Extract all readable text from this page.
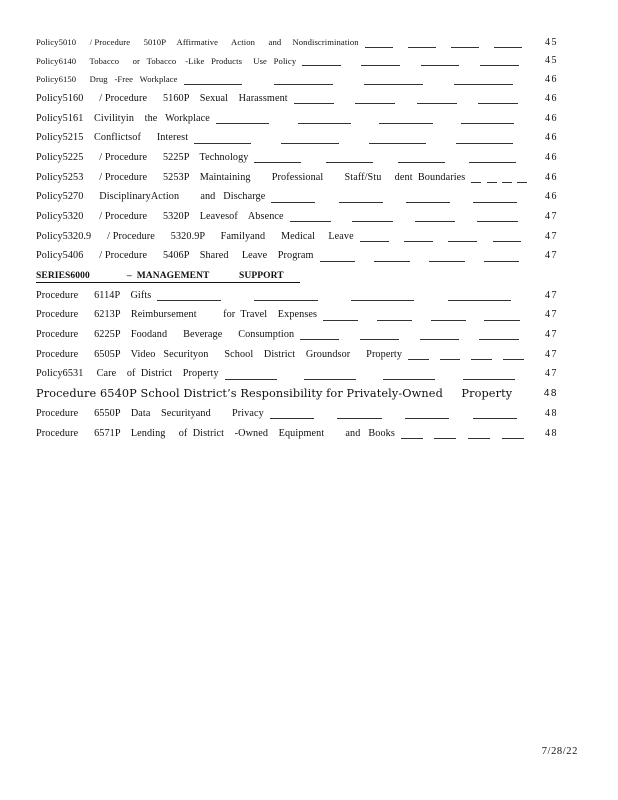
Policy5010      / Procedure      5010P     Affirmative      Action      and     Nondiscrimination	45
Policy6140      Tobacco      or   Tobacco    -Like   Products     Use   Policy	45
Policy6150      Drug   -Free   Workplace	46
Policy5160      / Procedure      5160P    Sexual    Harassment	46
Policy5161    Civilityin    the   Workplace	46
Policy5215    Conflictsof      Interest	46
Policy5225      / Procedure      5225P    Technology	46
Policy5253      / Procedure      5253P    Maintaining        Professional        Staff/Stu     dent  Boundaries	46
Policy5270      DisciplinaryAction        and   Discharge	46
Policy5320      / Procedure      5320P    Leavesof    Absence	47
Policy5320.9      / Procedure      5320.9P      Familyand      Medical     Leave	47
Policy5406      / Procedure      5406P    Shared     Leave    Program	47
SERIES6000               –  MANAGEMENT            SUPPORT
Procedure      6114P    Gifts	47
Procedure      6213P    Reimbursement          for  Travel    Expenses	47
Procedure      6225P    Foodand      Beverage      Consumption	47
Procedure      6505P    Video   Securityon      School    District    Groundsor      Property	47
Policy6531     Care    of  District    Property	47
Procedure 6540P School District’s Responsibility for Privately-Owned     Property	48
Procedure      6550P    Data    Securityand        Privacy	48
Procedure      6571P    Lending     of  District    -Owned    Equipment        and   Books	48
7/28/22
